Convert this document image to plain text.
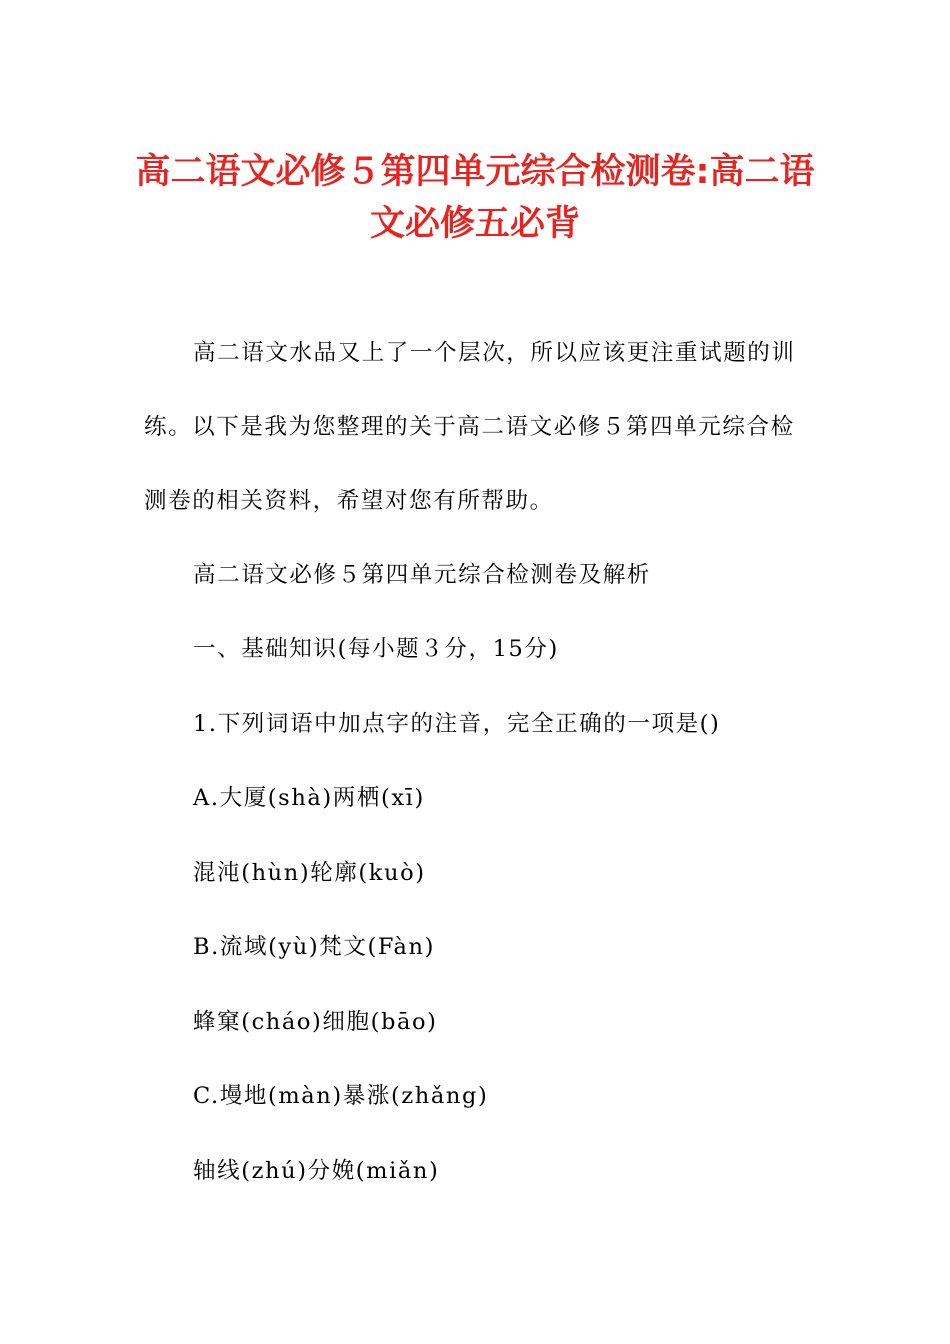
高二语文必修５第四单元综合检测卷:高二语
文必修五必背

高二语文水品又上了一个层次，所以应该更注重试题的训

练。以下是我为您整理的关于高二语文必修５第四单元综合检

测卷的相关资料，希望对您有所帮助。

高二语文必修５第四单元综合检测卷及解析

一、基础知识(每小题３分，15分)

1.下列词语中加点字的注音，完全正确的一项是()

A.大厦(shà)两栖(xī)

混沌(hùn)轮廓(kuò)

B.流域(yù)梵文(Fàn)

蜂窠(cháo)细胞(bāo)

C.墁地(màn)暴涨(zhǎng)

轴线(zhú)分娩(miǎn)
